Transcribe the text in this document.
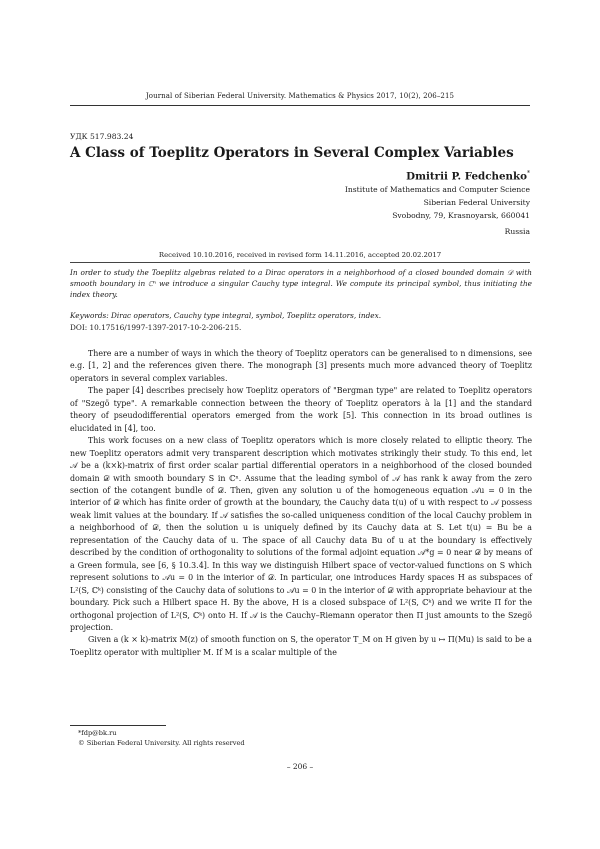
Journal of Siberian Federal University. Mathematics & Physics 2017, 10(2), 206–215
УДК 517.983.24
A Class of Toeplitz Operators in Several Complex Variables
Dmitrii P. Fedchenko*
Institute of Mathematics and Computer Science
Siberian Federal University
Svobodny, 79, Krasnoyarsk, 660041
Russia
Received 10.10.2016, received in revised form 14.11.2016, accepted 20.02.2017
In order to study the Toeplitz algebras related to a Dirac operators in a neighborhood of a closed bounded domain 𝒟 with smooth boundary in ℂⁿ we introduce a singular Cauchy type integral. We compute its principal symbol, thus initiating the index theory.
Keywords: Dirac operators, Cauchy type integral, symbol, Toeplitz operators, index.
DOI: 10.17516/1997-1397-2017-10-2-206-215.

There are a number of ways in which the theory of Toeplitz operators can be generalised to n dimensions, see e.g. [1, 2] and the references given there. The monograph [3] presents much more advanced theory of Toeplitz operators in several complex variables.

The paper [4] describes precisely how Toeplitz operators of "Bergman type" are related to Toeplitz operators of "Szegö type". A remarkable connection between the theory of Toeplitz operators à la [1] and the standard theory of pseudodifferential operators emerged from the work [5]. This connection in its broad outlines is elucidated in [4], too.

This work focuses on a new class of Toeplitz operators which is more closely related to elliptic theory. The new Toeplitz operators admit very transparent description which motivates strikingly their study. To this end, let 𝒜 be a (k×k)-matrix of first order scalar partial differential operators in a neighborhood of the closed bounded domain 𝒟 with smooth boundary S in ℂⁿ. Assume that the leading symbol of 𝒜 has rank k away from the zero section of the cotangent bundle of 𝒟. Then, given any solution u of the homogeneous equation 𝒜u = 0 in the interior of 𝒟 which has finite order of growth at the boundary, the Cauchy data t(u) of u with respect to 𝒜 possess weak limit values at the boundary. If 𝒜 satisfies the so-called uniqueness condition of the local Cauchy problem in a neighborhood of 𝒟, then the solution u is uniquely defined by its Cauchy data at S. Let t(u) = Bu be a representation of the Cauchy data of u. The space of all Cauchy data Bu of u at the boundary is effectively described by the condition of orthogonality to solutions of the formal adjoint equation 𝒜*g = 0 near 𝒟 by means of a Green formula, see [6, § 10.3.4]. In this way we distinguish Hilbert space of vector-valued functions on S which represent solutions to 𝒜u = 0 in the interior of 𝒟. In particular, one introduces Hardy spaces H as subspaces of L²(S, ℂᵏ) consisting of the Cauchy data of solutions to 𝒜u = 0 in the interior of 𝒟 with appropriate behaviour at the boundary. Pick such a Hilbert space H. By the above, H is a closed subspace of L²(S, ℂᵏ) and we write Π for the orthogonal projection of L²(S, ℂᵏ) onto H. If 𝒜 is the Cauchy–Riemann operator then Π just amounts to the Szegö projection.

Given a (k × k)-matrix M(z) of smooth function on S, the operator T_M on H given by u ↦ Π(Mu) is said to be a Toeplitz operator with multiplier M. If M is a scalar multiple of the

*fdp@bk.ru
© Siberian Federal University. All rights reserved
– 206 –
